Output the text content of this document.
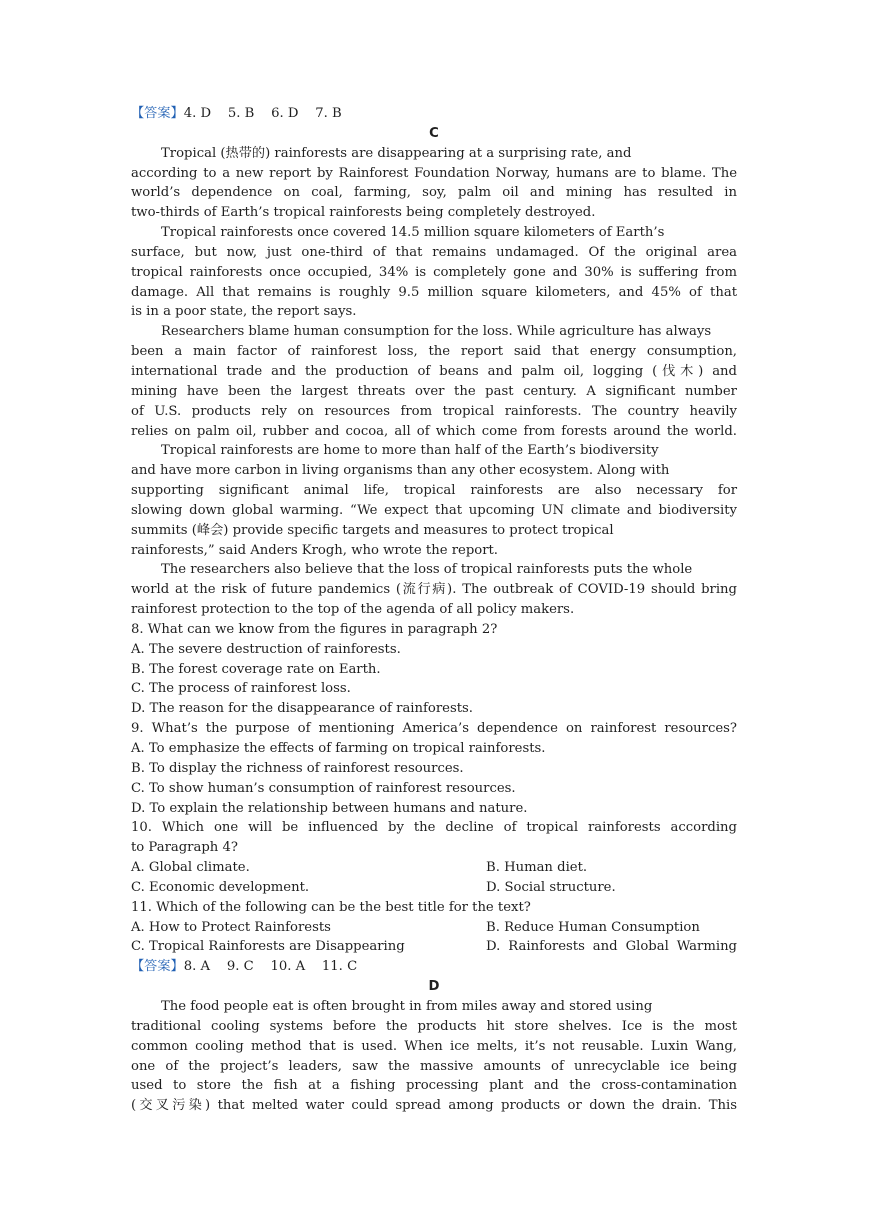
【答案】4. D    5. B    6. D    7. B
C
Tropical (热带的) rainforests are disappearing at a surprising rate, and
according to a new report by Rainforest Foundation Norway, humans are to blame. The
world’s dependence on coal, farming, soy, palm oil and mining has resulted in
two-thirds of Earth’s tropical rainforests being completely destroyed.
Tropical rainforests once covered 14.5 million square kilometers of Earth’s
surface, but now, just one-third of that remains undamaged. Of the original area
tropical rainforests once occupied, 34% is completely gone and 30% is suffering from
damage. All that remains is roughly 9.5 million square kilometers, and 45% of that
is in a poor state, the report says.
Researchers blame human consumption for the loss. While agriculture has always
been a main factor of rainforest loss, the report said that energy consumption,
international trade and the production of beans and palm oil, logging (伐木) and
mining have been the largest threats over the past century. A significant number
of U.S. products rely on resources from tropical rainforests. The country heavily
relies on palm oil, rubber and cocoa, all of which come from forests around the world.
Tropical rainforests are home to more than half of the Earth’s biodiversity
and have more carbon in living organisms than any other ecosystem. Along with
supporting significant animal life, tropical rainforests are also necessary for
slowing down global warming. “We expect that upcoming UN climate and biodiversity
summits (峰会) provide specific targets and measures to protect tropical
rainforests,” said Anders Krogh, who wrote the report.
The researchers also believe that the loss of tropical rainforests puts the whole
world at the risk of future pandemics (流行病). The outbreak of COVID-19 should bring
rainforest protection to the top of the agenda of all policy makers.
8. What can we know from the figures in paragraph 2?
A. The severe destruction of rainforests.
B. The forest coverage rate on Earth.
C. The process of rainforest loss.
D. The reason for the disappearance of rainforests.
9. What’s the purpose of mentioning America’s dependence on rainforest resources?
A. To emphasize the effects of farming on tropical rainforests.
B. To display the richness of rainforest resources.
C. To show human’s consumption of rainforest resources.
D. To explain the relationship between humans and nature.
10. Which one will be influenced by the decline of tropical rainforests according
to Paragraph 4?
A. Global climate.	B. Human diet.
C. Economic development.	D. Social structure.
11. Which of the following can be the best title for the text?
A. How to Protect Rainforests	B. Reduce Human Consumption
C. Tropical Rainforests are Disappearing	D. Rainforests and Global Warming
【答案】8. A    9. C    10. A    11. C
D
The food people eat is often brought in from miles away and stored using
traditional cooling systems before the products hit store shelves. Ice is the most
common cooling method that is used. When ice melts, it’s not reusable. Luxin Wang,
one of the project’s leaders, saw the massive amounts of unrecyclable ice being
used to store the fish at a fishing processing plant and the cross-contamination
(交叉污染) that melted water could spread among products or down the drain. This
